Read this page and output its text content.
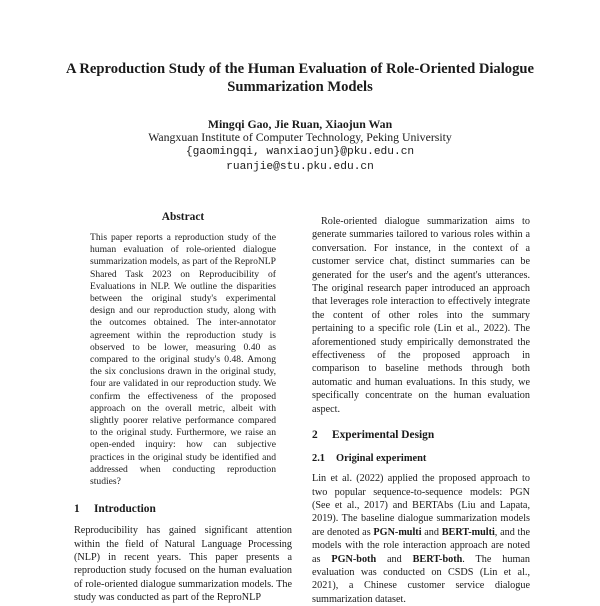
A Reproduction Study of the Human Evaluation of Role-Oriented Dialogue
Summarization Models
Mingqi Gao, Jie Ruan, Xiaojun Wan
Wangxuan Institute of Computer Technology, Peking University
{gaomingqi, wanxiaojun}@pku.edu.cn
ruanjie@stu.pku.edu.cn
Abstract

This paper reports a reproduction study of the human evaluation of role-oriented dialogue summarization models, as part of the ReproNLP Shared Task 2023 on Reproducibility of Evaluations in NLP. We outline the disparities between the original study's experimental design and our reproduction study, along with the outcomes obtained. The inter-annotator agreement within the reproduction study is observed to be lower, measuring 0.40 as compared to the original study's 0.48. Among the six conclusions drawn in the original study, four are validated in our reproduction study. We confirm the effectiveness of the proposed approach on the overall metric, albeit with slightly poorer relative performance compared to the original study. Furthermore, we raise an open-ended inquiry: how can subjective practices in the original study be identified and addressed when conducting reproduction studies?

1 Introduction

Reproducibility has gained significant attention within the field of Natural Language Processing (NLP) in recent years. This paper presents a reproduction study focused on the human evaluation of role-oriented dialogue summarization models. The study was conducted as part of the ReproNLP

Role-oriented dialogue summarization aims to generate summaries tailored to various roles within a conversation. For instance, in the context of a customer service chat, distinct summaries can be generated for the user's and the agent's utterances. The original research paper introduced an approach that leverages role interaction to effectively integrate the content of other roles into the summary pertaining to a specific role (Lin et al., 2022). The aforementioned study empirically demonstrated the effectiveness of the proposed approach in comparison to baseline methods through both automatic and human evaluations. In this study, we specifically concentrate on the human evaluation aspect.

2 Experimental Design
2.1 Original experiment

Lin et al. (2022) applied the proposed approach to two popular sequence-to-sequence models: PGN (See et al., 2017) and BERTAbs (Liu and Lapata, 2019). The baseline dialogue summarization models are denoted as PGN-multi and BERT-multi, and the models with the role interaction approach are noted as PGN-both and BERT-both. The human evaluation was conducted on CSDS (Lin et al., 2021), a Chinese customer service dialogue summarization dataset.
